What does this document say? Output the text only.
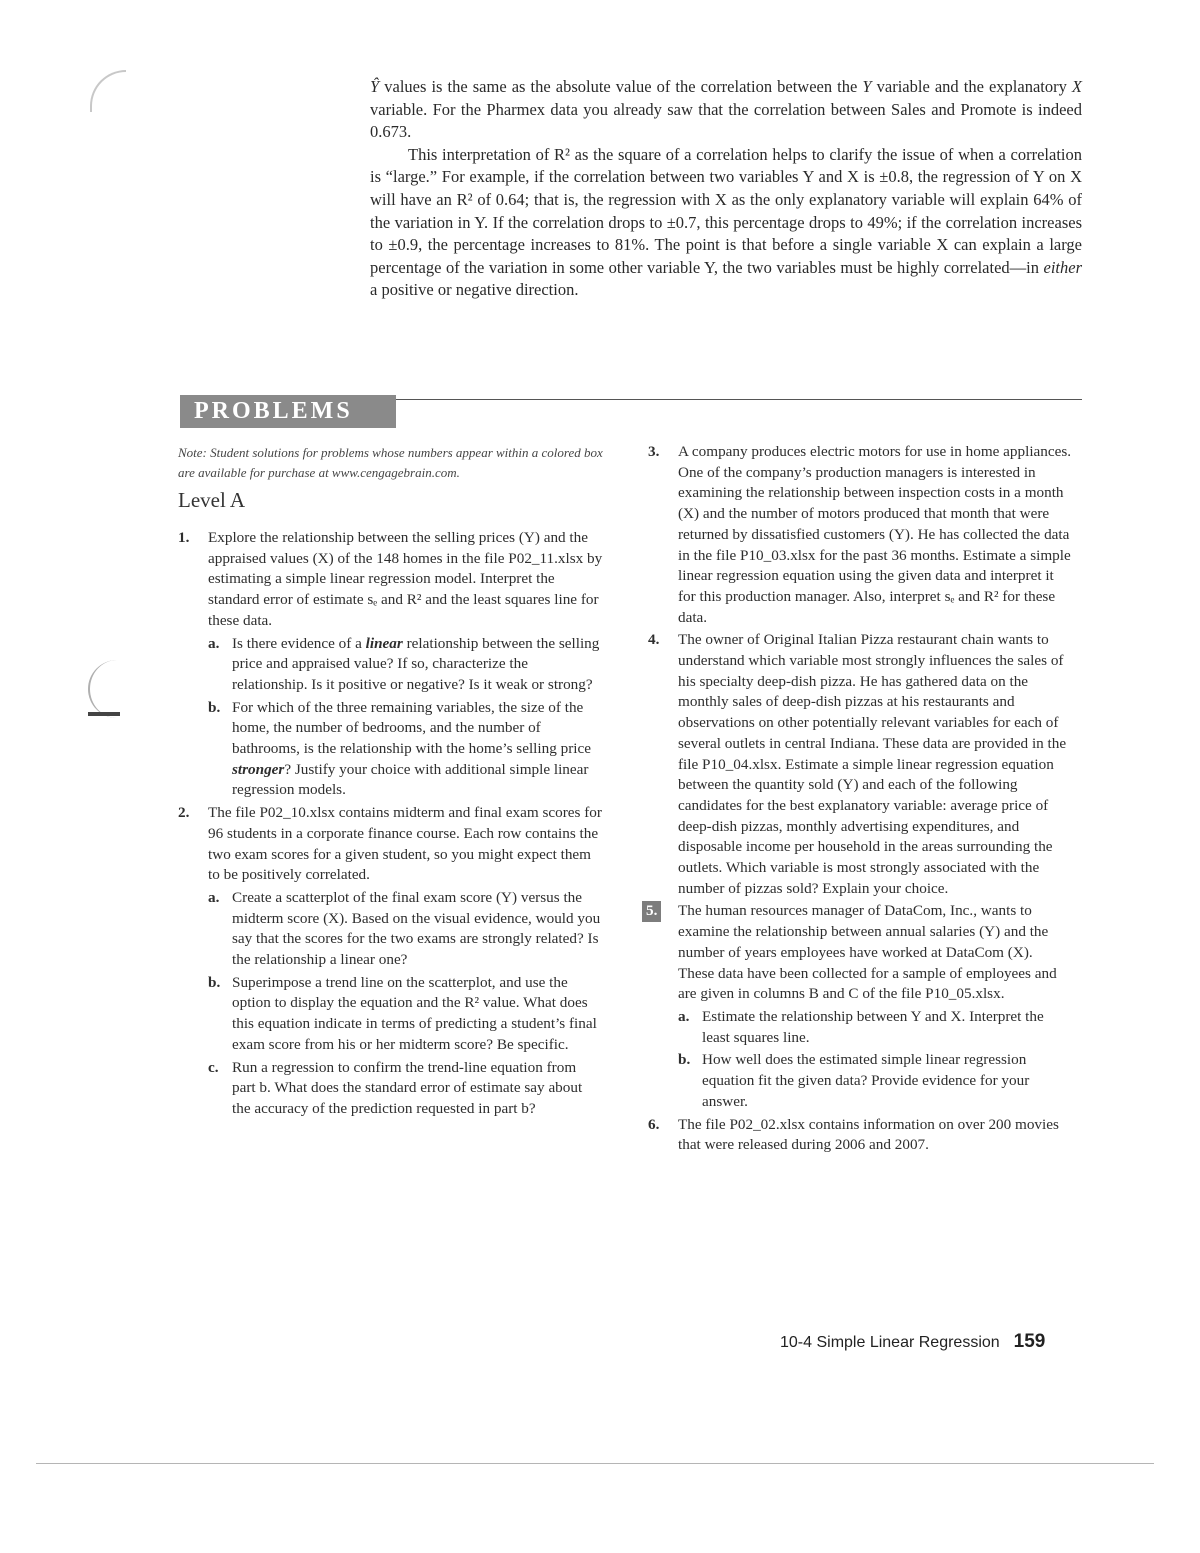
Ŷ values is the same as the absolute value of the correlation between the Y variable and the explanatory X variable. For the Pharmex data you already saw that the correlation between Sales and Promote is indeed 0.673.

This interpretation of R² as the square of a correlation helps to clarify the issue of when a correlation is “large.” For example, if the correlation between two variables Y and X is ±0.8, the regression of Y on X will have an R² of 0.64; that is, the regression with X as the only explanatory variable will explain 64% of the variation in Y. If the correlation drops to ±0.7, this percentage drops to 49%; if the correlation increases to ±0.9, the percentage increases to 81%. The point is that before a single variable X can explain a large percentage of the variation in some other variable Y, the two variables must be highly correlated—in either a positive or negative direction.

PROBLEMS
Note: Student solutions for problems whose numbers appear within a colored box are available for purchase at www.cengagebrain.com.
Level A
1. Explore the relationship between the selling prices (Y) and the appraised values (X) of the 148 homes in the file P02_11.xlsx by estimating a simple linear regression model. Interpret the standard error of estimate sₑ and R² and the least squares line for these data.
a. Is there evidence of a linear relationship between the selling price and appraised value? If so, characterize the relationship. Is it positive or negative? Is it weak or strong?
b. For which of the three remaining variables, the size of the home, the number of bedrooms, and the number of bathrooms, is the relationship with the home’s selling price stronger? Justify your choice with additional simple linear regression models.
2. The file P02_10.xlsx contains midterm and final exam scores for 96 students in a corporate finance course. Each row contains the two exam scores for a given student, so you might expect them to be positively correlated.
a. Create a scatterplot of the final exam score (Y) versus the midterm score (X). Based on the visual evidence, would you say that the scores for the two exams are strongly related? Is the relationship a linear one?
b. Superimpose a trend line on the scatterplot, and use the option to display the equation and the R² value. What does this equation indicate in terms of predicting a student’s final exam score from his or her midterm score? Be specific.
c. Run a regression to confirm the trend-line equation from part b. What does the standard error of estimate say about the accuracy of the prediction requested in part b?
3. A company produces electric motors for use in home appliances. One of the company’s production managers is interested in examining the relationship between inspection costs in a month (X) and the number of motors produced that month that were returned by dissatisfied customers (Y). He has collected the data in the file P10_03.xlsx for the past 36 months. Estimate a simple linear regression equation using the given data and interpret it for this production manager. Also, interpret sₑ and R² for these data.
4. The owner of Original Italian Pizza restaurant chain wants to understand which variable most strongly influences the sales of his specialty deep-dish pizza. He has gathered data on the monthly sales of deep-dish pizzas at his restaurants and observations on other potentially relevant variables for each of several outlets in central Indiana. These data are provided in the file P10_04.xlsx. Estimate a simple linear regression equation between the quantity sold (Y) and each of the following candidates for the best explanatory variable: average price of deep-dish pizzas, monthly advertising expenditures, and disposable income per household in the areas surrounding the outlets. Which variable is most strongly associated with the number of pizzas sold? Explain your choice.
5. The human resources manager of DataCom, Inc., wants to examine the relationship between annual salaries (Y) and the number of years employees have worked at DataCom (X). These data have been collected for a sample of employees and are given in columns B and C of the file P10_05.xlsx.
a. Estimate the relationship between Y and X. Interpret the least squares line.
b. How well does the estimated simple linear regression equation fit the given data? Provide evidence for your answer.
6. The file P02_02.xlsx contains information on over 200 movies that were released during 2006 and 2007.
10-4 Simple Linear Regression 159
